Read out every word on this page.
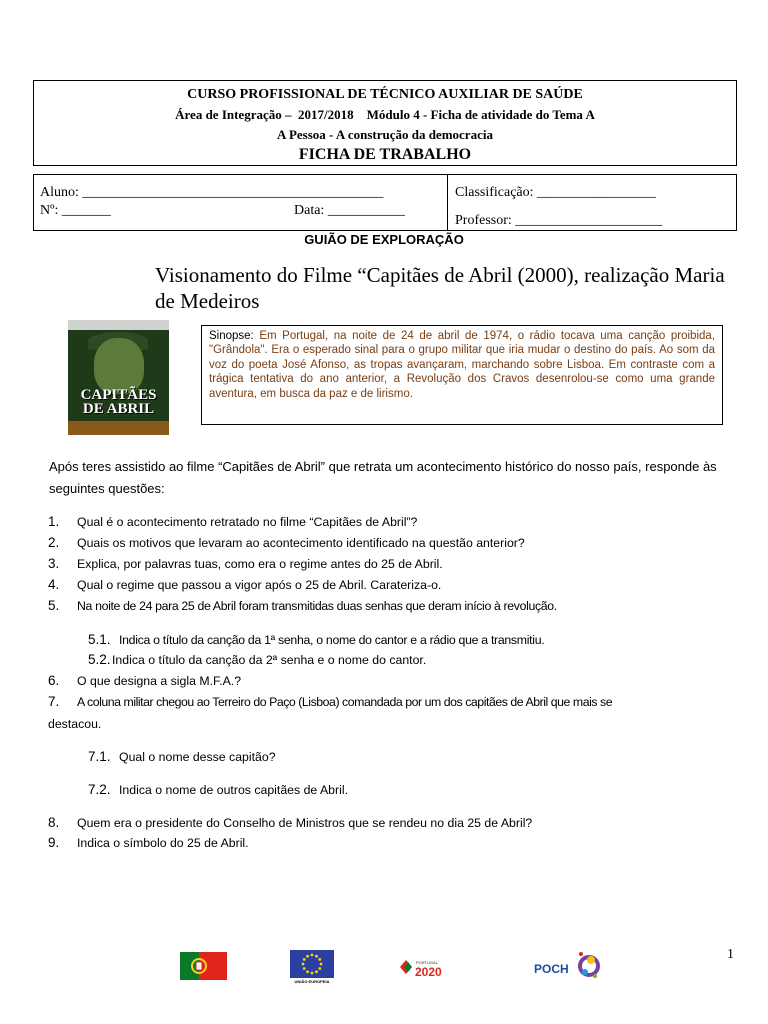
CURSO PROFISSIONAL DE TÉCNICO AUXILIAR DE SAÚDE
Área de Integração –  2017/2018    Módulo 4 - Ficha de atividade do Tema A
A Pessoa - A construção da democracia
FICHA DE TRABALHO
Aluno: ___________________________________________
Nº: _______	Data: ___________
Classificação: _________________
Professor: _____________________
GUIÃO DE EXPLORAÇÃO
Visionamento do Filme “Capitães de Abril (2000), realização Maria de Medeiros
CAPITÃES
DE ABRIL
Sinopse: Em Portugal, na noite de 24 de abril de 1974, o rádio tocava uma canção proibida, "Grândola". Era o esperado sinal para o grupo militar que iria mudar o destino do país. Ao som da voz do poeta José Afonso, as tropas avançaram, marchando sobre Lisboa. Em contraste com a trágica tentativa do ano anterior, a Revolução dos Cravos desenrolou-se como uma grande aventura, em busca da paz e de lirismo.
Após teres assistido ao filme “Capitães de Abril” que retrata um acontecimento histórico do nosso país, responde às seguintes questões:
1. Qual é o acontecimento retratado no filme “Capitães de Abril”?
2. Quais os motivos que levaram ao acontecimento identificado na questão anterior?
3. Explica, por palavras tuas, como era o regime antes do 25 de Abril.
4. Qual o regime que passou a vigor após o 25 de Abril. Carateriza-o.
5. Na noite de 24 para 25 de Abril foram transmitidas duas senhas que deram início à revolução.
5.1. Indica o título da canção da 1ª senha, o nome do cantor e a rádio que a transmitiu.
5.2. Indica o título da canção da 2ª senha e o nome do cantor.
6. O que designa a sigla M.F.A.?
7. A coluna militar chegou ao Terreiro do Paço (Lisboa) comandada por um dos capitães de Abril que mais se
destacou.
7.1. Qual o nome desse capitão?
7.2. Indica o nome de outros capitães de Abril.
8. Quem era o presidente do Conselho de Ministros que se rendeu no dia 25 de Abril?
9. Indica o símbolo do 25 de Abril.
UNIÃO EUROPEIA
PORTUGAL
2020	POCH
1
